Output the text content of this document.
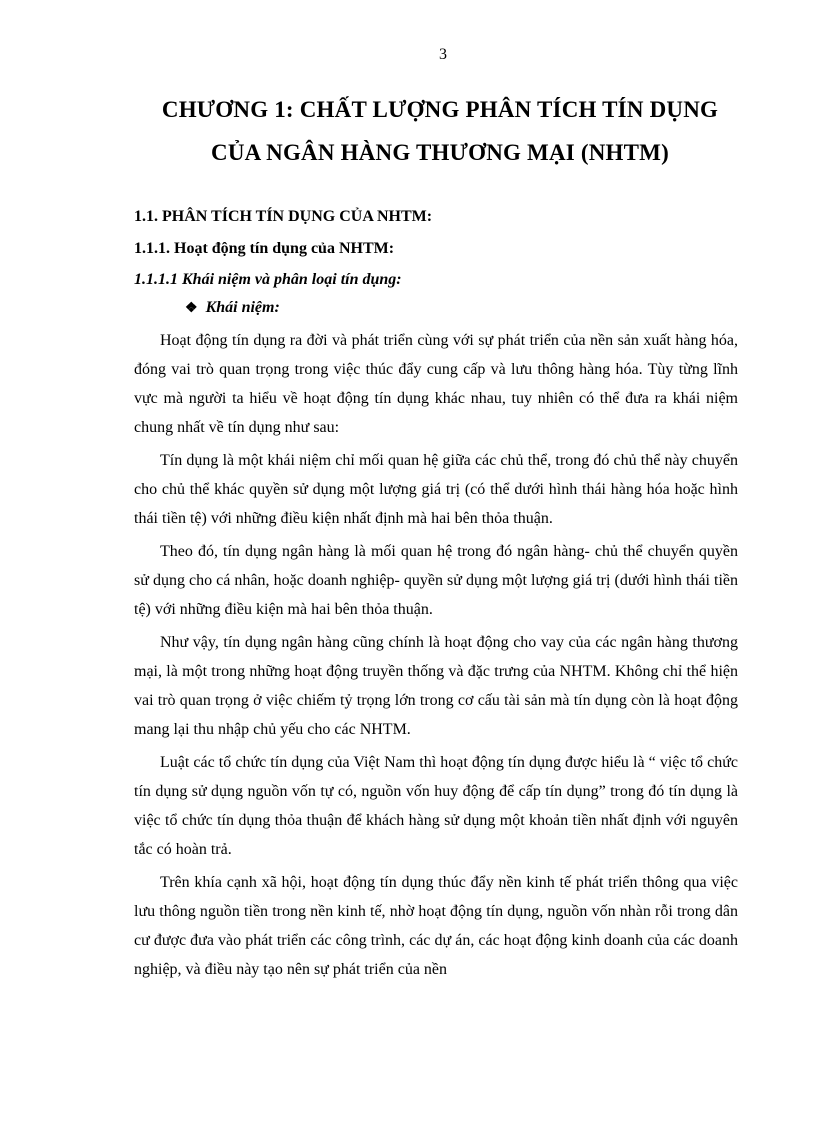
3
CHƯƠNG 1: CHẤT LƯỢNG PHÂN TÍCH TÍN DỤNG
CỦA NGÂN HÀNG THƯƠNG MẠI (NHTM)
1.1. PHÂN TÍCH TÍN DỤNG CỦA NHTM:
1.1.1. Hoạt động tín dụng của NHTM:
1.1.1.1 Khái niệm và phân loại tín dụng:
❖ Khái niệm:

Hoạt động tín dụng ra đời và phát triển cùng với sự phát triển của nền sản xuất hàng hóa, đóng vai trò quan trọng trong việc thúc đẩy cung cấp và lưu thông hàng hóa. Tùy từng lĩnh vực mà người ta hiểu về hoạt động tín dụng khác nhau, tuy nhiên có thể đưa ra khái niệm chung nhất về tín dụng như sau:

Tín dụng là một khái niệm chỉ mối quan hệ giữa các chủ thể, trong đó chủ thể này chuyển cho chủ thể khác quyền sử dụng một lượng giá trị (có thể dưới hình thái hàng hóa hoặc hình thái tiền tệ) với những điều kiện nhất định mà hai bên thỏa thuận.

Theo đó, tín dụng ngân hàng là mối quan hệ trong đó ngân hàng- chủ thể chuyển quyền sử dụng cho cá nhân, hoặc doanh nghiệp- quyền sử dụng một lượng giá trị (dưới hình thái tiền tệ) với những điều kiện mà hai bên thỏa thuận.

Như vậy, tín dụng ngân hàng cũng chính là hoạt động cho vay của các ngân hàng thương mại, là một trong những hoạt động truyền thống và đặc trưng của NHTM. Không chỉ thể hiện vai trò quan trọng ở việc chiếm tỷ trọng lớn trong cơ cấu tài sản mà tín dụng còn là hoạt động mang lại thu nhập chủ yếu cho các NHTM.

Luật các tổ chức tín dụng của Việt Nam thì hoạt động tín dụng được hiểu là “ việc tổ chức tín dụng sử dụng nguồn vốn tự có, nguồn vốn huy động để cấp tín dụng” trong đó tín dụng là việc tổ chức tín dụng thỏa thuận để khách hàng sử dụng một khoản tiền nhất định với nguyên tắc có hoàn trả.

Trên khía cạnh xã hội, hoạt động tín dụng thúc đẩy nền kinh tế phát triển thông qua việc lưu thông nguồn tiền trong nền kinh tế, nhờ hoạt động tín dụng, nguồn vốn nhàn rỗi trong dân cư được đưa vào phát triển các công trình, các dự án, các hoạt động kinh doanh của các doanh nghiệp, và điều này tạo nên sự phát triển của nền
